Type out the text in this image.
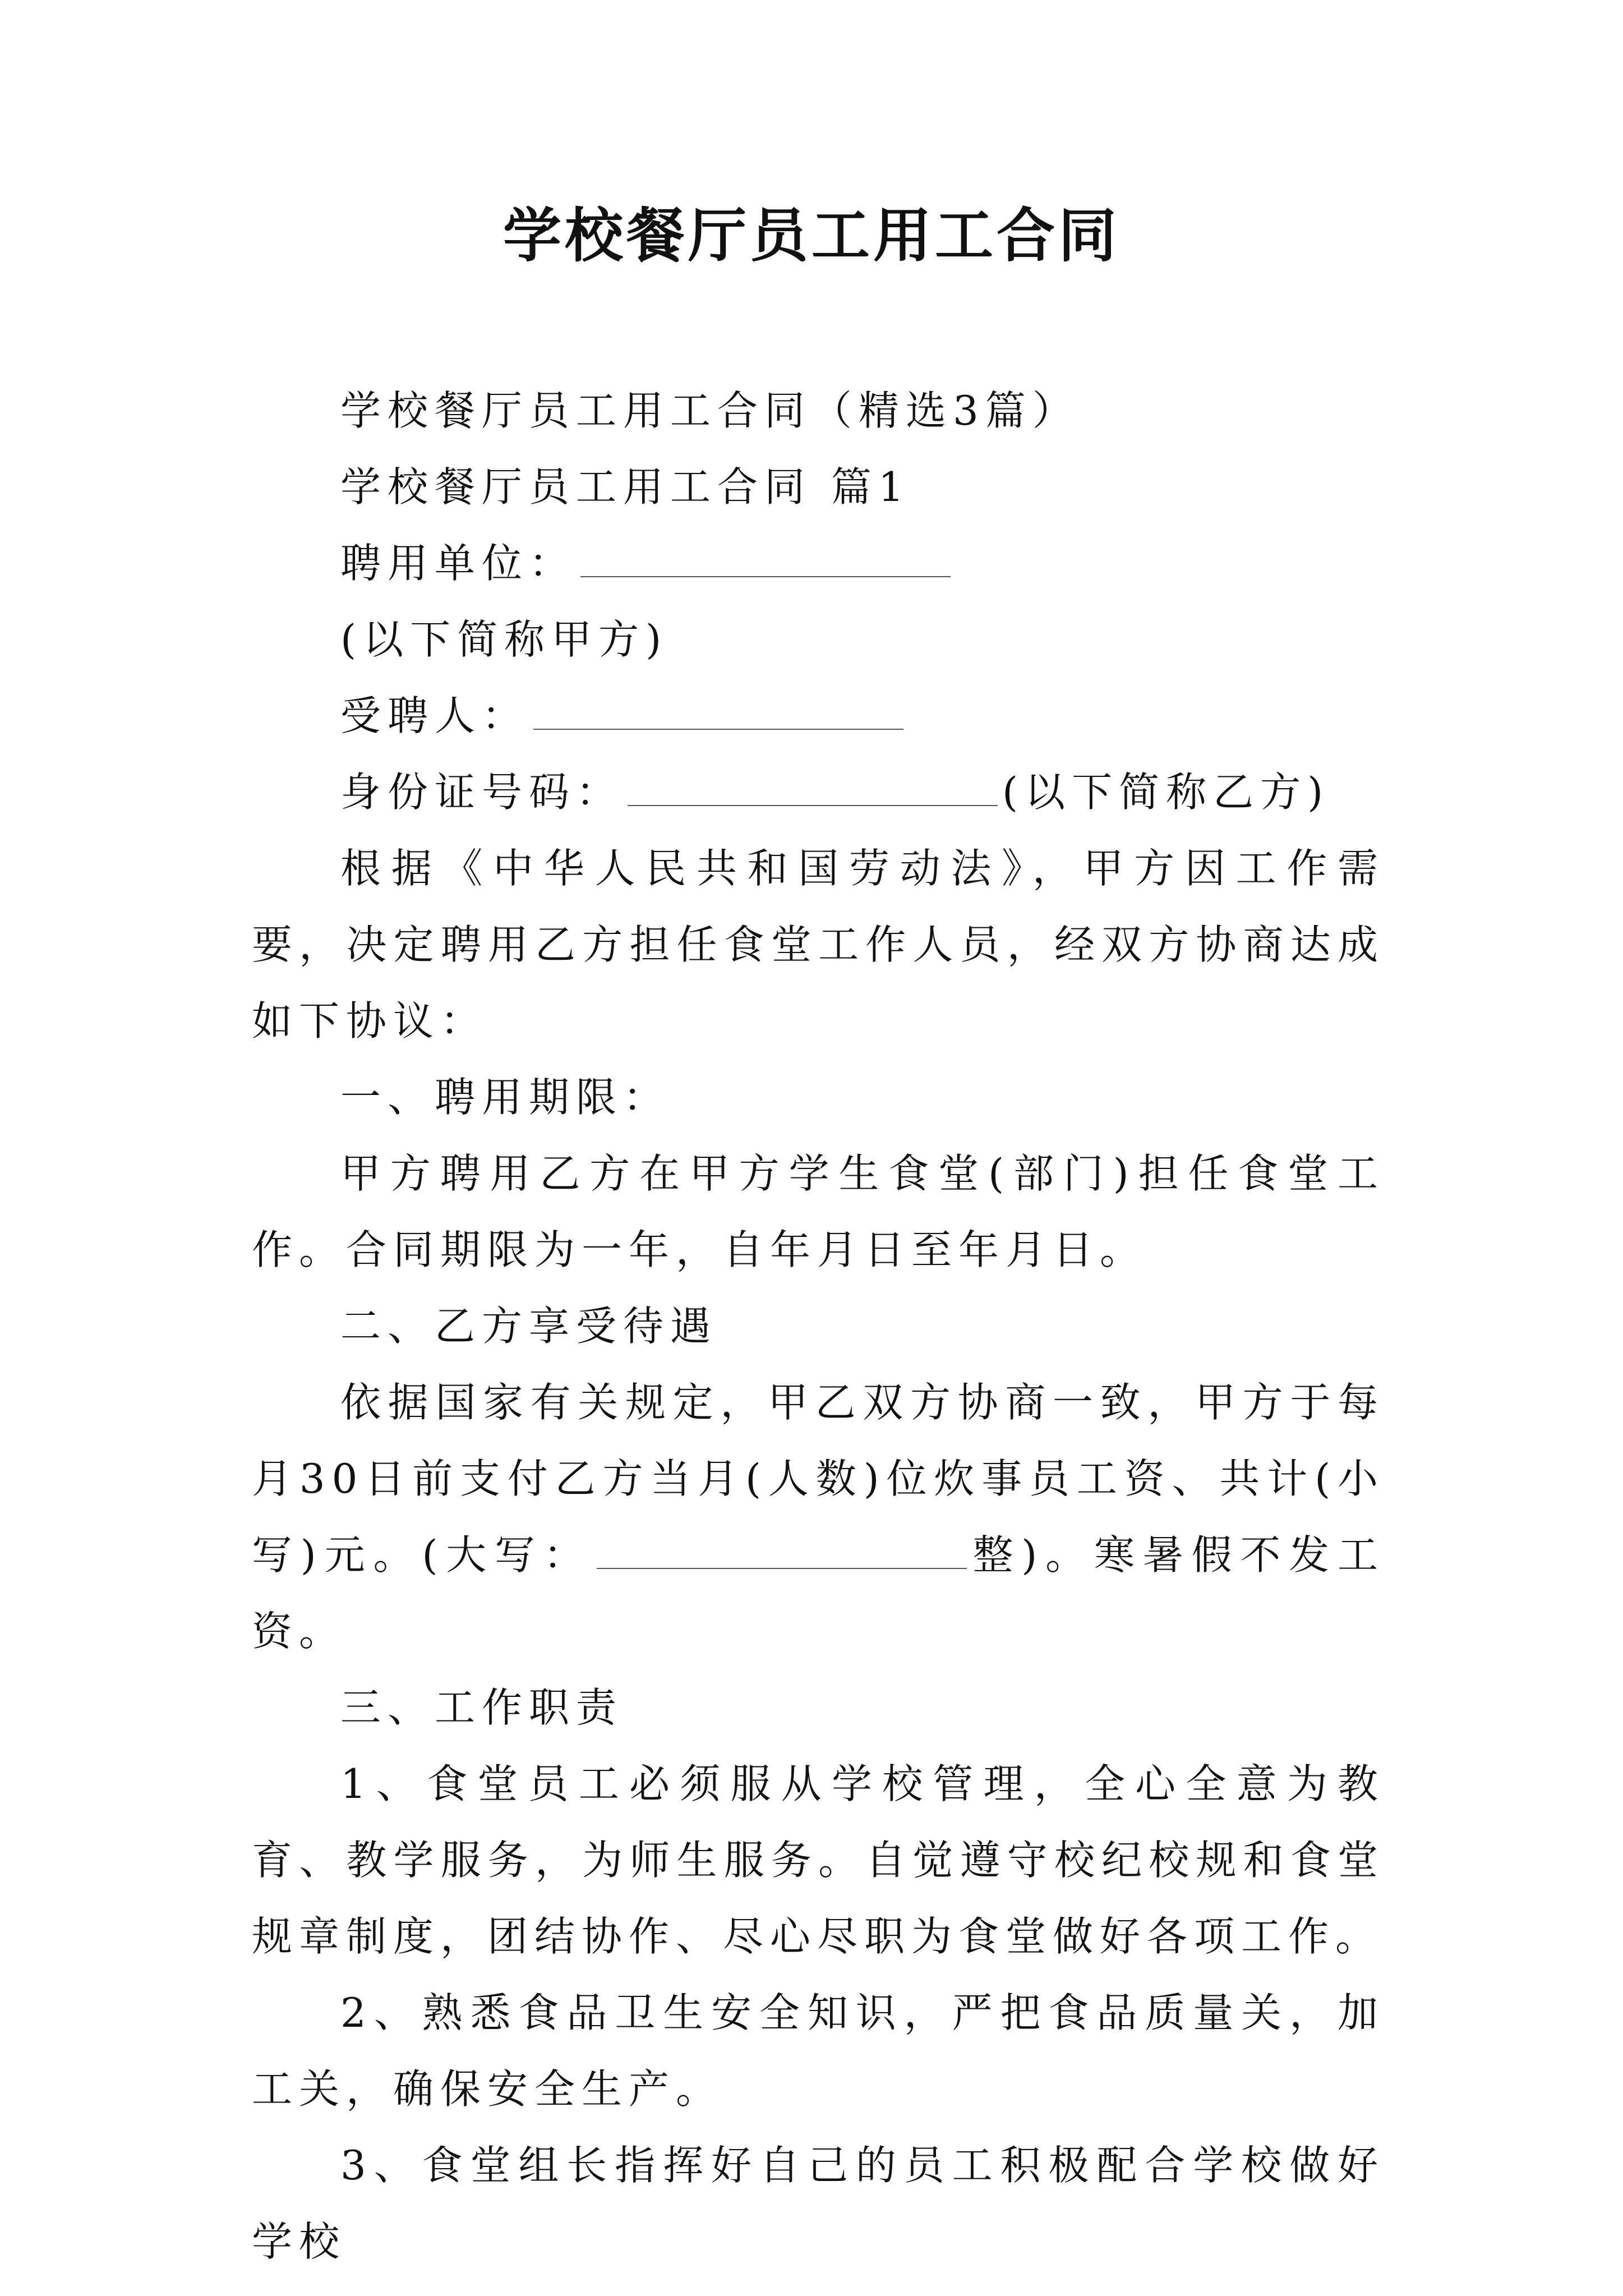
学校餐厅员工用工合同

学校餐厅员工用工合同（精选3篇）

学校餐厅员工用工合同 篇1

聘用单位：

(以下简称甲方)

受聘人：

身份证号码：	(以下简称乙方)

根据《中华人民共和国劳动法》，甲方因工作需要，决定聘用乙方担任食堂工作人员，经双方协商达成如下协议：

一、聘用期限：

甲方聘用乙方在甲方学生食堂(部门)担任食堂工作。合同期限为一年，自年月日至年月日。

二、乙方享受待遇

依据国家有关规定，甲乙双方协商一致，甲方于每月30日前支付乙方当月(人数)位炊事员工资、共计(小写)元。(大写：	整)。寒暑假不发工资。

三、工作职责

1、食堂员工必须服从学校管理，全心全意为教育、教学服务，为师生服务。自觉遵守校纪校规和食堂规章制度，团结协作、尽心尽职为食堂做好各项工作。

2、熟悉食品卫生安全知识，严把食品质量关，加工关，确保安全生产。

3、食堂组长指挥好自己的员工积极配合学校做好学校
